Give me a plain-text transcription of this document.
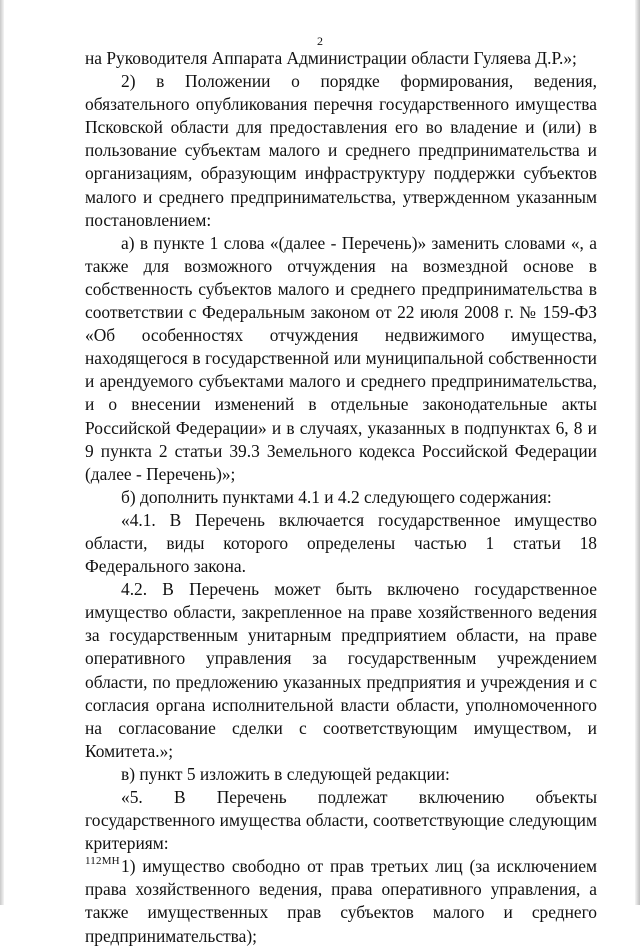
2

на Руководителя Аппарата Администрации области Гуляева Д.Р.»;

2) в Положении о порядке формирования, ведения, обязательного опубликования перечня государственного имущества Псковской области для предоставления его во владение и (или) в пользование субъектам малого и среднего предпринимательства и организациям, образующим инфраструктуру поддержки субъектов малого и среднего предпринимательства, утвержденном указанным постановлением:

а) в пункте 1 слова «(далее - Перечень)» заменить словами «, а также для возможного отчуждения на возмездной основе в собственность субъектов малого и среднего предпринимательства в соответствии с Федеральным законом от 22 июля 2008 г. № 159-ФЗ «Об особенностях отчуждения недвижимого имущества, находящегося в государственной или муниципальной собственности и арендуемого субъектами малого и среднего предпринимательства, и о внесении изменений в отдельные законодательные акты Российской Федерации» и в случаях, указанных в подпунктах 6, 8 и 9 пункта 2 статьи 39.3 Земельного кодекса Российской Федерации (далее - Перечень)»;

б) дополнить пунктами 4.1 и 4.2 следующего содержания:

«4.1. В Перечень включается государственное имущество области, виды которого определены частью 1 статьи 18 Федерального закона.

4.2. В Перечень может быть включено государственное имущество области, закрепленное на праве хозяйственного ведения за государственным унитарным предприятием области, на праве оперативного управления за государственным учреждением области, по предложению указанных предприятия и учреждения и с согласия органа исполнительной власти области, уполномоченного на согласование сделки с соответствующим имуществом, и Комитета.»;

в) пункт 5 изложить в следующей редакции:

«5. В Перечень подлежат включению объекты государственного имущества области, соответствующие следующим критериям:

1) имущество свободно от прав третьих лиц (за исключением права хозяйственного ведения, права оперативного управления, а также имущественных прав субъектов малого и среднего предпринимательства);

112МН
